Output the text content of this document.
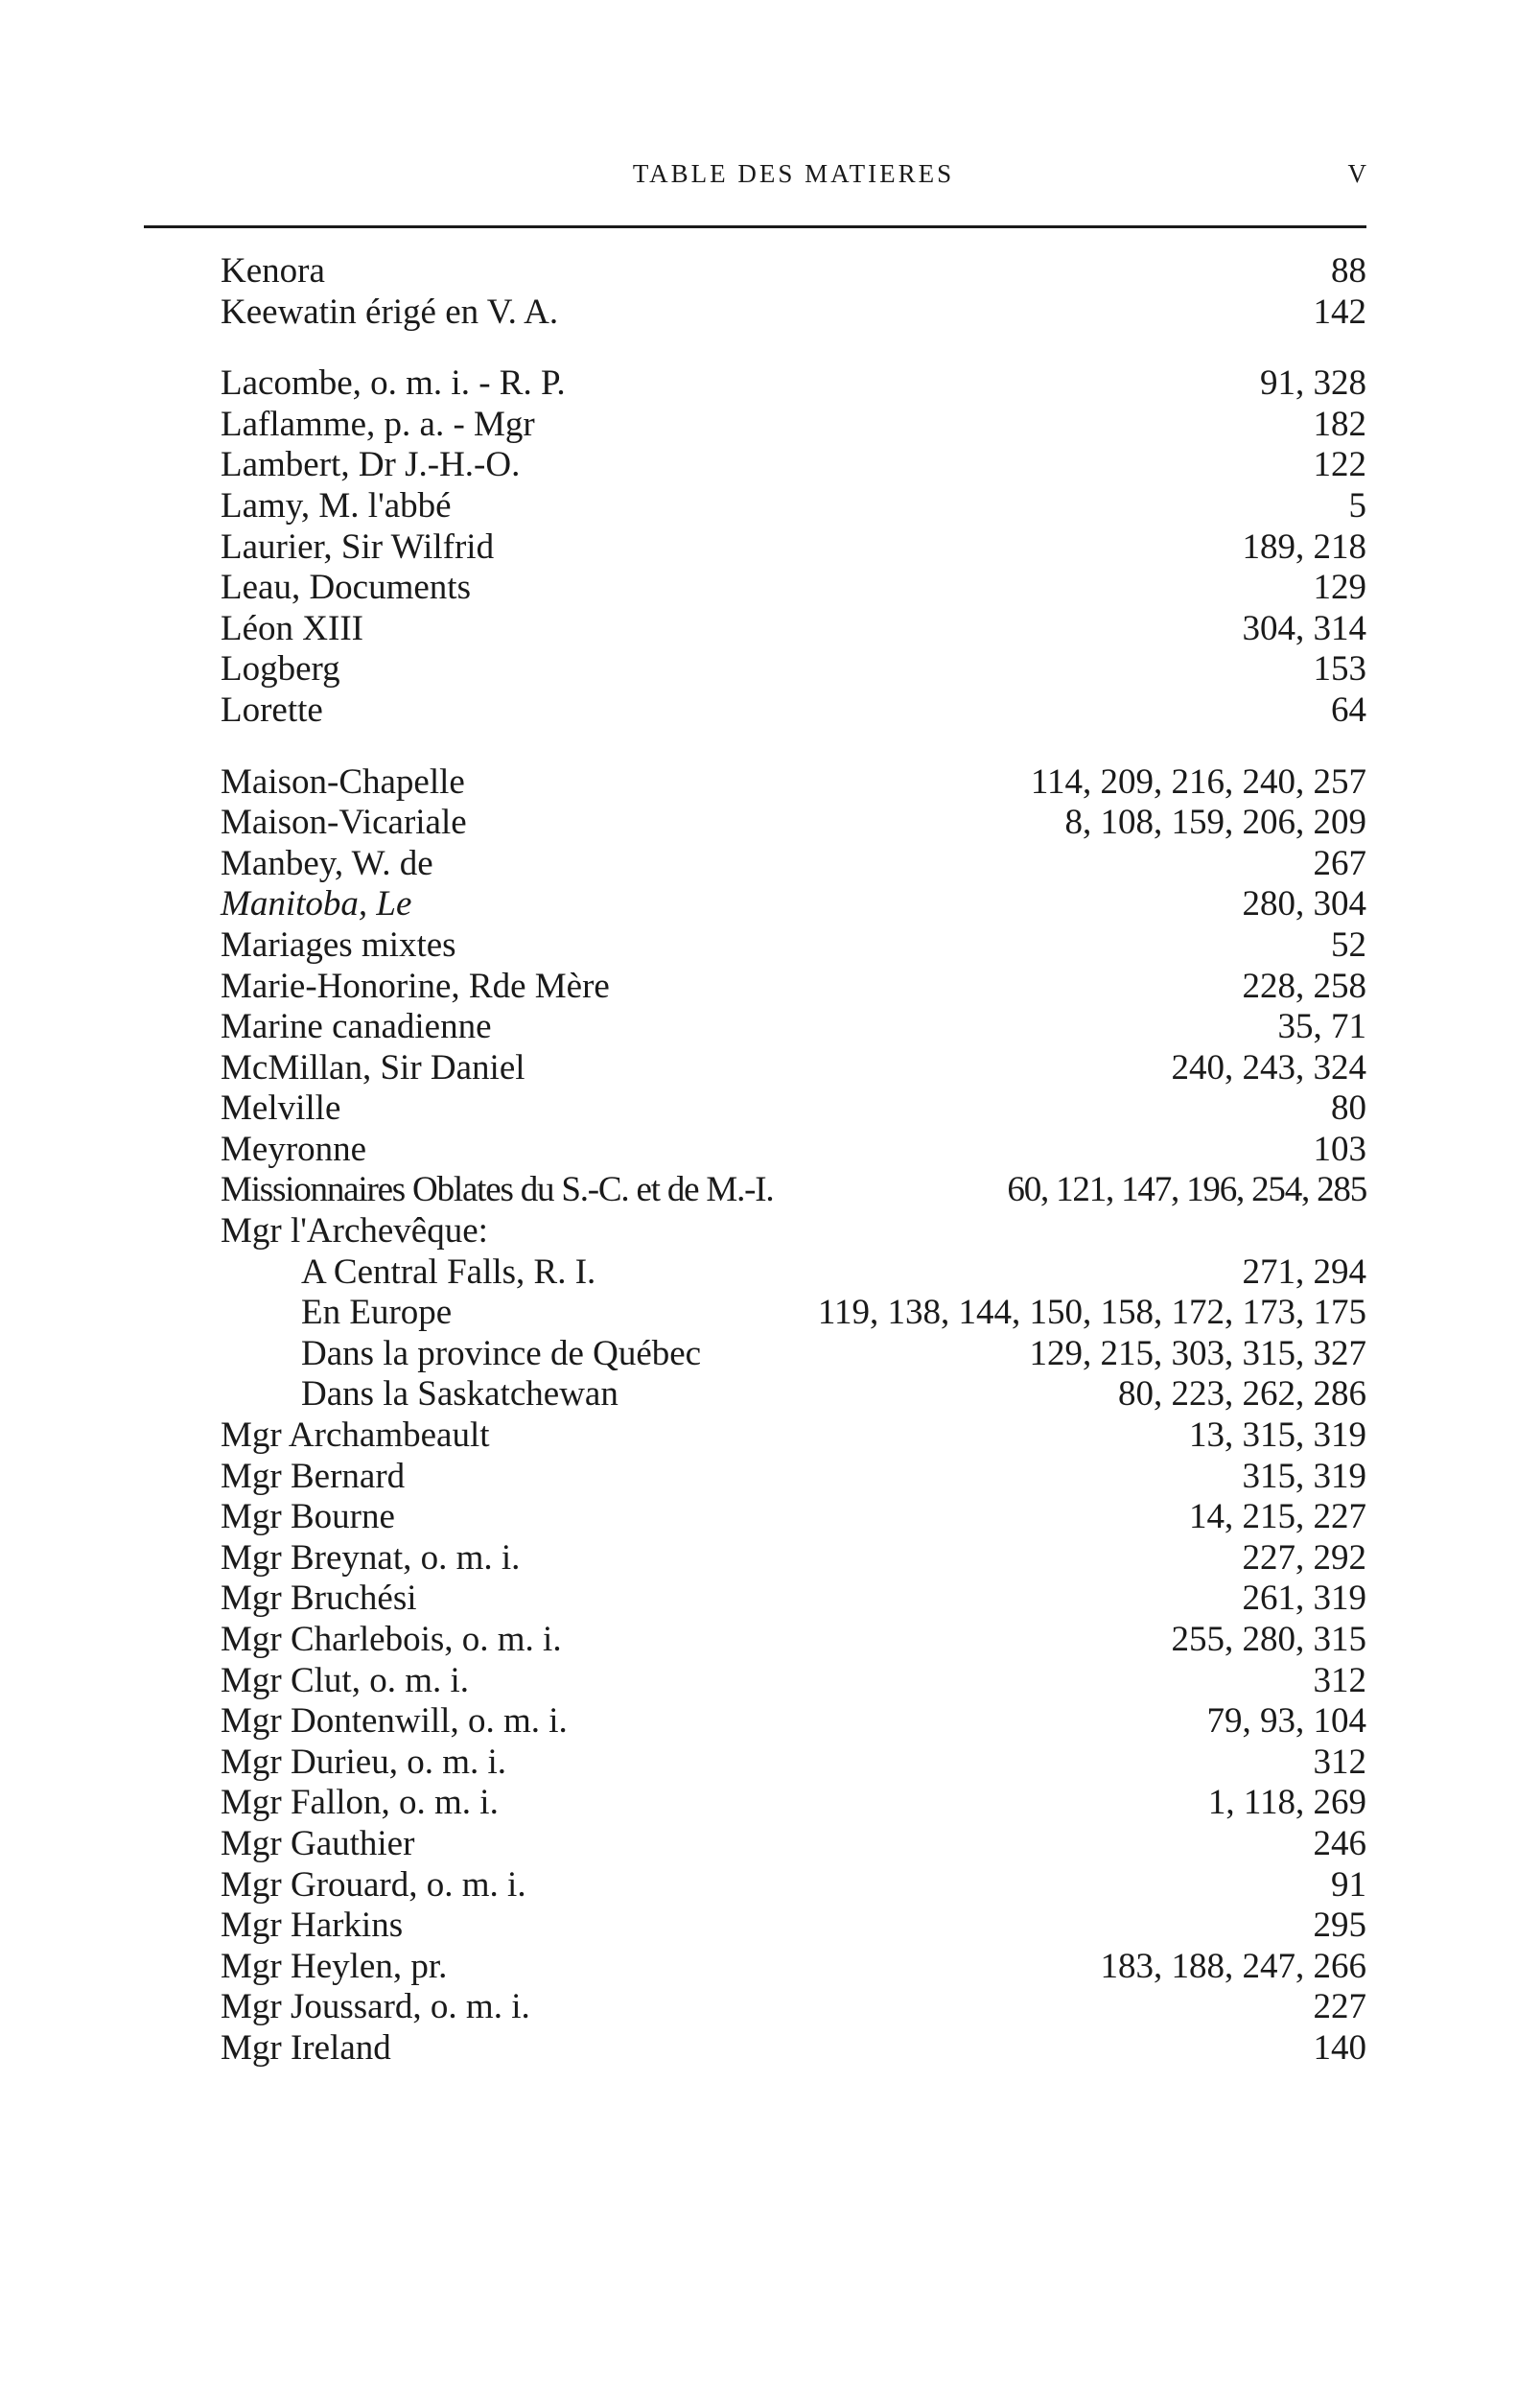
TABLE DES MATIERES	V
Kenora	88
Keewatin érigé en V. A.	142
Lacombe, o. m. i. - R. P.	91, 328
Laflamme, p. a. - Mgr	182
Lambert, Dr J.-H.-O.	122
Lamy, M. l'abbé	5
Laurier, Sir Wilfrid	189, 218
Leau, Documents	129
Léon XIII	304, 314
Logberg	153
Lorette	64
Maison-Chapelle	114, 209, 216, 240, 257
Maison-Vicariale	8, 108, 159, 206, 209
Manbey, W. de	267
Manitoba, Le	280, 304
Mariages mixtes	52
Marie-Honorine, Rde Mère	228, 258
Marine canadienne	35, 71
McMillan, Sir Daniel	240, 243, 324
Melville	80
Meyronne	103
Missionnaires Oblates du S.-C. et de M.-I.	60, 121, 147, 196, 254, 285
Mgr l'Archevêque:
A Central Falls, R. I.	271, 294
En Europe	119, 138, 144, 150, 158, 172, 173, 175
Dans la province de Québec	129, 215, 303, 315, 327
Dans la Saskatchewan	80, 223, 262, 286
Mgr Archambeault	13, 315, 319
Mgr Bernard	315, 319
Mgr Bourne	14, 215, 227
Mgr Breynat, o. m. i.	227, 292
Mgr Bruchési	261, 319
Mgr Charlebois, o. m. i.	255, 280, 315
Mgr Clut, o. m. i.	312
Mgr Dontenwill, o. m. i.	79, 93, 104
Mgr Durieu, o. m. i.	312
Mgr Fallon, o. m. i.	1, 118, 269
Mgr Gauthier	246
Mgr Grouard, o. m. i.	91
Mgr Harkins	295
Mgr Heylen, pr.	183, 188, 247, 266
Mgr Joussard, o. m. i.	227
Mgr Ireland	140
